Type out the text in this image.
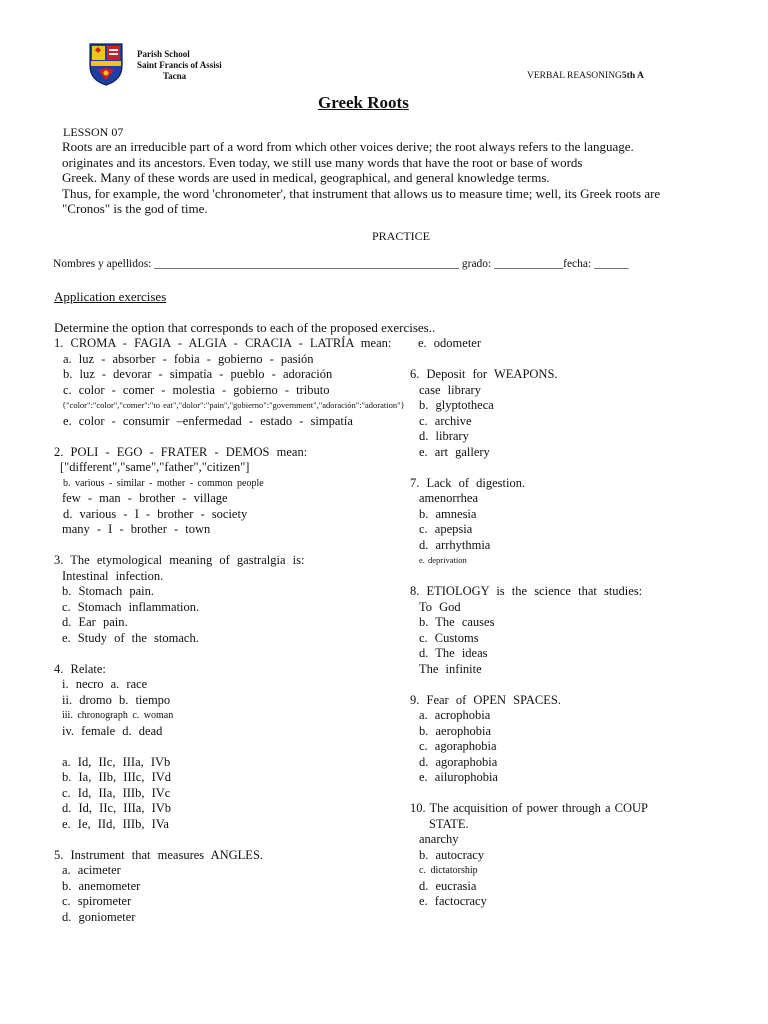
Parish School
Saint Francis of Assisi
Tacna	VERBAL REASONING5th A
Greek Roots
LESSON 07
Roots are an irreducible part of a word from which other voices derive; the root always refers to the language.
originates and its ancestors. Even today, we still use many words that have the root or base of words
Greek. Many of these words are used in medical, geographical, and general knowledge terms.
Thus, for example, the word 'chronometer', that instrument that allows us to measure time; well, its Greek roots are
"Cronos" is the god of time.
PRACTICE
Nombres y apellidos: _____________________________________________________ grado: ____________fecha: ______
Application exercises
Determine the option that corresponds to each of the proposed exercises..
1. CROMA - FAGIA - ALGIA - CRACIA - LATRÍA mean:
a. luz - absorber - fobia - gobierno - pasión
b. luz - devorar - simpatía - pueblo - adoración
c. color - comer - molestia - gobierno - tributo
{"color":"color","comer":"to eat","dolor":"pain","gobierno":"government","adoración":"adoration"}
e. color - consumir –enfermedad - estado - simpatía
2. POLI - EGO - FRATER - DEMOS mean:
["different","same","father","citizen"]
b. various - similar - mother - common people
few - man - brother - village
d. various - I - brother - society
many - I - brother - town
3. The etymological meaning of gastralgia is:
Intestinal infection.
b. Stomach pain.
c. Stomach inflammation.
d. Ear pain.
e. Study of the stomach.
4. Relate:
i. necro a. race
ii. dromo b. tiempo
iii. chronograph c. woman
iv. female d. dead
a. Id, IIc, IIIa, IVb
b. Ia, IIb, IIIc, IVd
c. Id, IIa, IIIb, IVc
d. Id, IIc, IIIa, IVb
e. Ie, IId, IIIb, IVa
5. Instrument that measures ANGLES.
a. acimeter
b. anemometer
c. spirometer
d. goniometer
e. odometer
6. Deposit for WEAPONS.
case library
b. glyptotheca
c. archive
d. library
e. art gallery
7. Lack of digestion.
amenorrhea
b. amnesia
c. apepsia
d. arrhythmia
e. deprivation
8. ETIOLOGY is the science that studies:
To God
b. The causes
c. Customs
d. The ideas
The infinite
9. Fear of OPEN SPACES.
a. acrophobia
b. aerophobia
c. agoraphobia
d. agoraphobia
e. ailurophobia
10. The acquisition of power through a COUP
STATE.
anarchy
b. autocracy
c. dictatorship
d. eucrasia
e. factocracy
